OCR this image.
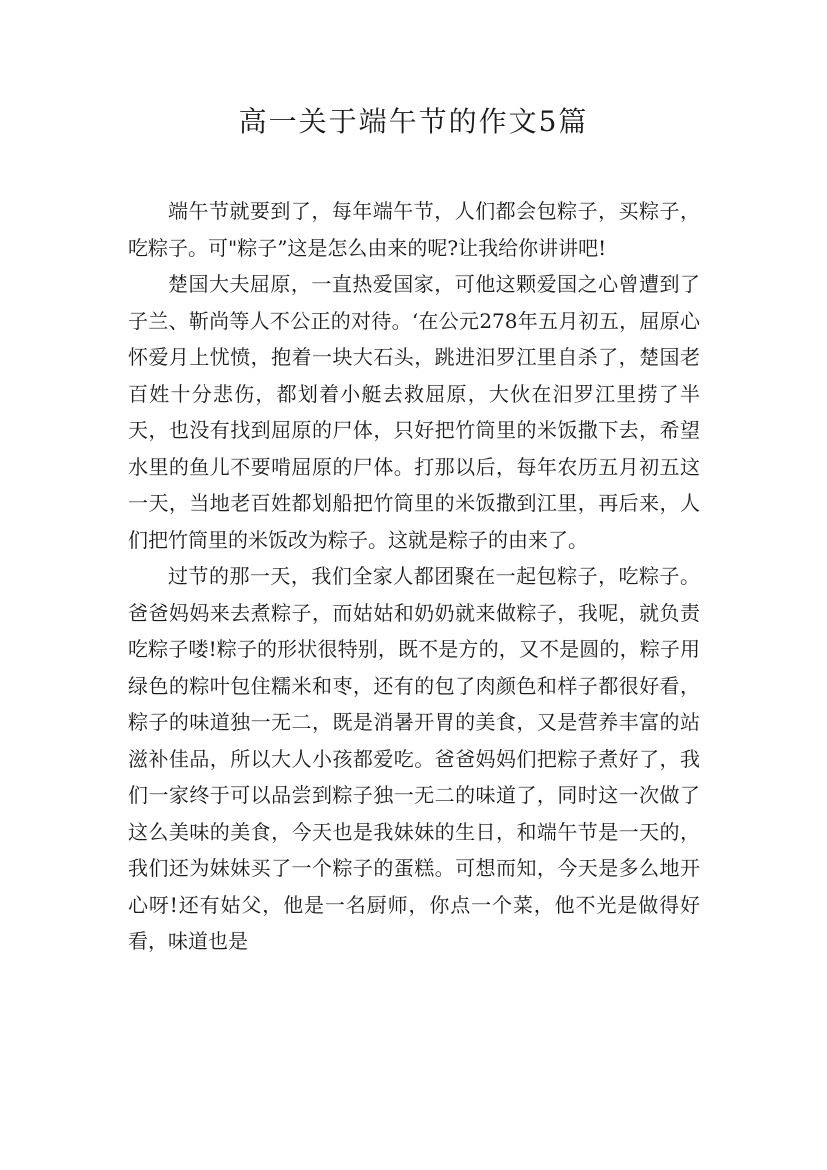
高一关于端午节的作文5篇

端午节就要到了，每年端午节，人们都会包粽子，买粽子，吃粽子。可"粽子”这是怎么由来的呢?让我给你讲讲吧!

楚国大夫屈原，一直热爱国家，可他这颗爱国之心曾遭到了子兰、靳尚等人不公正的对待。‘在公元278年五月初五，屈原心怀爱月上忧愤，抱着一块大石头，跳进汨罗江里自杀了，楚国老百姓十分悲伤，都划着小艇去救屈原，大伙在汨罗江里捞了半天，也没有找到屈原的尸体，只好把竹筒里的米饭撒下去，希望水里的鱼儿不要啃屈原的尸体。打那以后，每年农历五月初五这一天，当地老百姓都划船把竹筒里的米饭撒到江里，再后来，人们把竹筒里的米饭改为粽子。这就是粽子的由来了。

过节的那一天，我们全家人都团聚在一起包粽子，吃粽子。爸爸妈妈来去煮粽子，而姑姑和奶奶就来做粽子，我呢，就负责吃粽子喽!粽子的形状很特别，既不是方的，又不是圆的，粽子用绿色的粽叶包住糯米和枣，还有的包了肉颜色和样子都很好看，粽子的味道独一无二，既是消暑开胃的美食，又是营养丰富的站滋补佳品，所以大人小孩都爱吃。爸爸妈妈们把粽子煮好了，我们一家终于可以品尝到粽子独一无二的味道了，同时这一次做了这么美味的美食，今天也是我妹妹的生日，和端午节是一天的，我们还为妹妹买了一个粽子的蛋糕。可想而知，今天是多么地开心呀!还有姑父，他是一名厨师，你点一个菜，他不光是做得好看，味道也是
